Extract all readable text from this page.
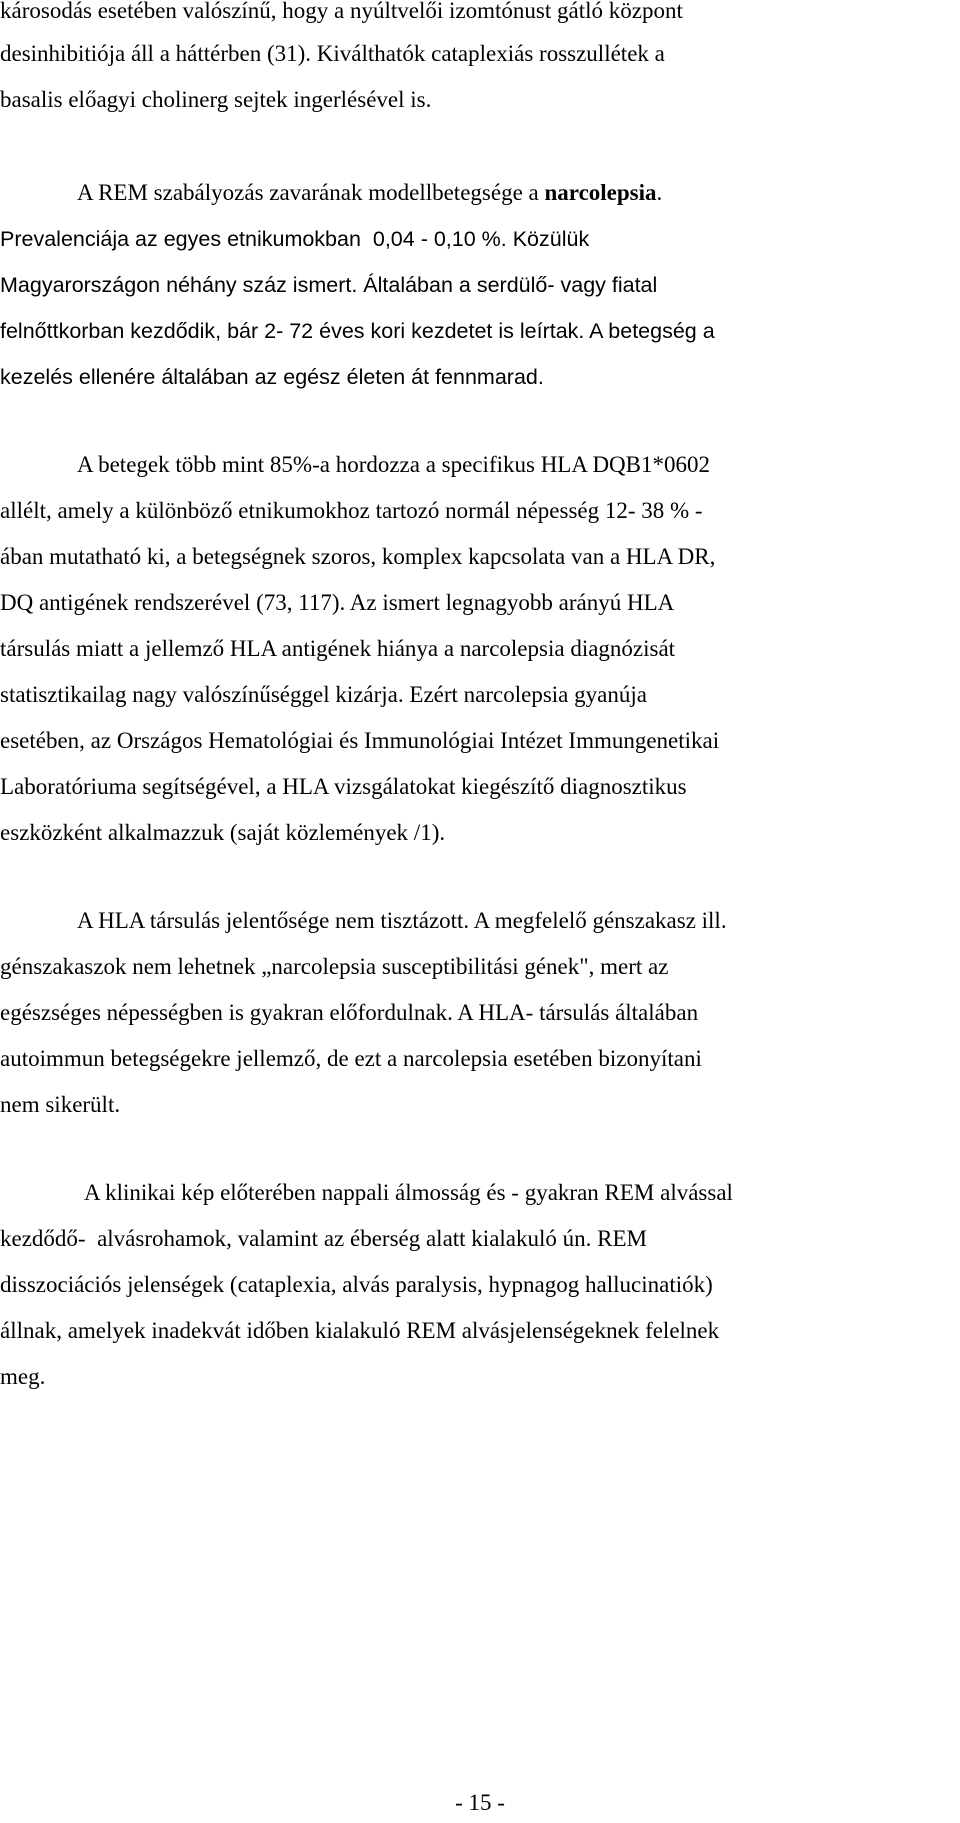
károsodás esetében valószínű, hogy a nyúltvelői izomtónust gátló központ
desinhibitiója áll a háttérben (31). Kiválthatók cataplexiás rosszullétek a
basalis előagyi cholinerg sejtek ingerlésével is.
A REM szabályozás zavarának modellbetegsége a narcolepsia.
Prevalenciája az egyes etnikumokban  0,04 - 0,10 %. Közülük
Magyarországon néhány száz ismert. Általában a serdülő- vagy fiatal
felnőttkorban kezdődik, bár 2- 72 éves kori kezdetet is leírtak. A betegség a
kezelés ellenére általában az egész életen át fennmarad.
A betegek több mint 85%-a hordozza a specifikus HLA DQB1*0602
allélt, amely a különböző etnikumokhoz tartozó normál népesség 12- 38 % -
ában mutatható ki, a betegségnek szoros, komplex kapcsolata van a HLA DR,
DQ antigének rendszerével (73, 117). Az ismert legnagyobb arányú HLA
társulás miatt a jellemző HLA antigének hiánya a narcolepsia diagnózisát
statisztikailag nagy valószínűséggel kizárja. Ezért narcolepsia gyanúja
esetében, az Országos Hematológiai és Immunológiai Intézet Immungenetikai
Laboratóriuma segítségével, a HLA vizsgálatokat kiegészítő diagnosztikus
eszközként alkalmazzuk (saját közlemények /1).
A HLA társulás jelentősége nem tisztázott. A megfelelő génszakasz ill.
génszakaszok nem lehetnek „narcolepsia susceptibilitási gének", mert az
egészséges népességben is gyakran előfordulnak. A HLA- társulás általában
autoimmun betegségekre jellemző, de ezt a narcolepsia esetében bizonyítani
nem sikerült.
A klinikai kép előterében nappali álmosság és - gyakran REM alvással
kezdődő-  alvásrohamok, valamint az éberség alatt kialakuló ún. REM
disszociációs jelenségek (cataplexia, alvás paralysis, hypnagog hallucinatiók)
állnak, amelyek inadekvát időben kialakuló REM alvásjelenségeknek felelnek
meg.
- 15 -
